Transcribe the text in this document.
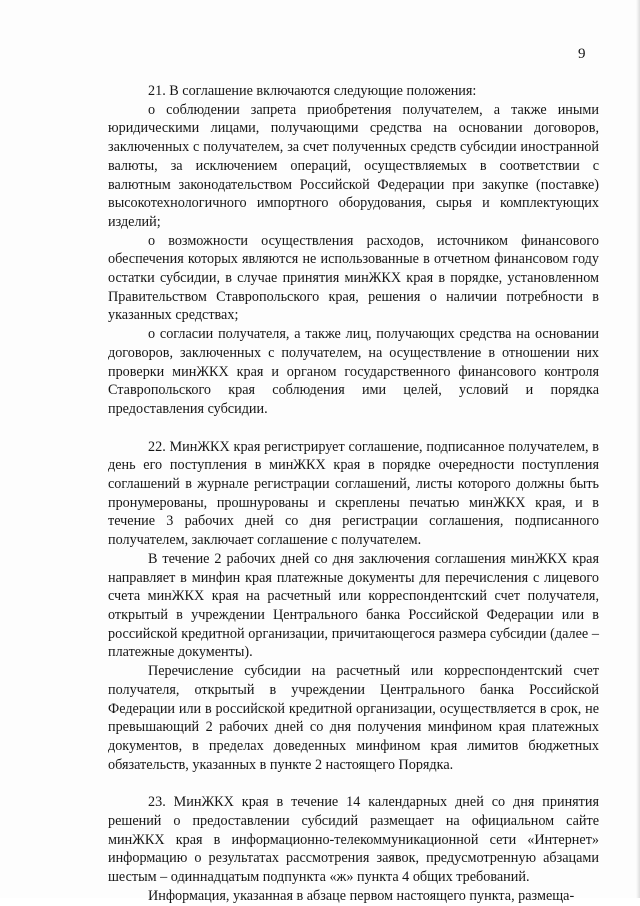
9

21. В соглашение включаются следующие положения:

о соблюдении запрета приобретения получателем, а также иными юридическими лицами, получающими средства на основании договоров, заключенных с получателем, за счет полученных средств субсидии иностранной валюты, за исключением операций, осуществляемых в соответствии с валютным законодательством Российской Федерации при закупке (поставке) высокотехнологичного импортного оборудования, сырья и комплектующих изделий;

о возможности осуществления расходов, источником финансового обеспечения которых являются не использованные в отчетном финансовом году остатки субсидии, в случае принятия минЖКХ края в порядке, установленном Правительством Ставропольского края, решения о наличии потребности в указанных средствах;

о согласии получателя, а также лиц, получающих средства на основании договоров, заключенных с получателем, на осуществление в отношении них проверки минЖКХ края и органом государственного финансового контроля Ставропольского края соблюдения ими целей, условий и порядка предоставления субсидии.

22. МинЖКХ края регистрирует соглашение, подписанное получателем, в день его поступления в минЖКХ края в порядке очередности поступления соглашений в журнале регистрации соглашений, листы которого должны быть пронумерованы, прошнурованы и скреплены печатью минЖКХ края, и в течение 3 рабочих дней со дня регистрации соглашения, подписанного получателем, заключает соглашение с получателем.

В течение 2 рабочих дней со дня заключения соглашения минЖКХ края направляет в минфин края платежные документы для перечисления с лицевого счета минЖКХ края на расчетный или корреспондентский счет получателя, открытый в учреждении Центрального банка Российской Федерации или в российской кредитной организации, причитающегося размера субсидии (далее – платежные документы).

Перечисление субсидии на расчетный или корреспондентский счет получателя, открытый в учреждении Центрального банка Российской Федерации или в российской кредитной организации, осуществляется в срок, не превышающий 2 рабочих дней со дня получения минфином края платежных документов, в пределах доведенных минфином края лимитов бюджетных обязательств, указанных в пункте 2 настоящего Порядка.

23. МинЖКХ края в течение 14 календарных дней со дня принятия решений о предоставлении субсидий размещает на официальном сайте минЖКХ края в информационно-телекоммуникационной сети «Интернет» информацию о результатах рассмотрения заявок, предусмотренную абзацами шестым – одиннадцатым подпункта «ж» пункта 4 общих требований.

Информация, указанная в абзаце первом настоящего пункта, размеща-
